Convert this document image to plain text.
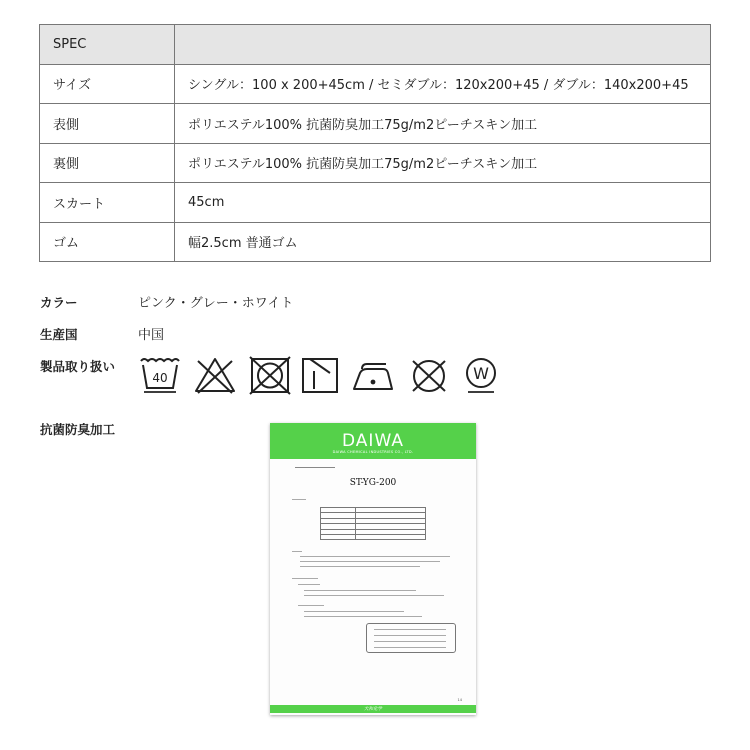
SPEC	
サイズ	シングル：100 x 200+45cm / セミダブル：120x200+45 / ダブル：140x200+45
表側	ポリエステル100% 抗菌防臭加工75g/m2ピーチスキン加工
裏側	ポリエステル100% 抗菌防臭加工75g/m2ピーチスキン加工
スカート	45cm
ゴム	幅2.5cm 普通ゴム
カラー	ピンク・グレー・ホワイト
生産国	中国
製品取り扱い
40	W
抗菌防臭加工
DAIWA
DAIWA CHEMICAL INDUSTRIES CO., LTD.
ST-YG-200

14
大和化学
